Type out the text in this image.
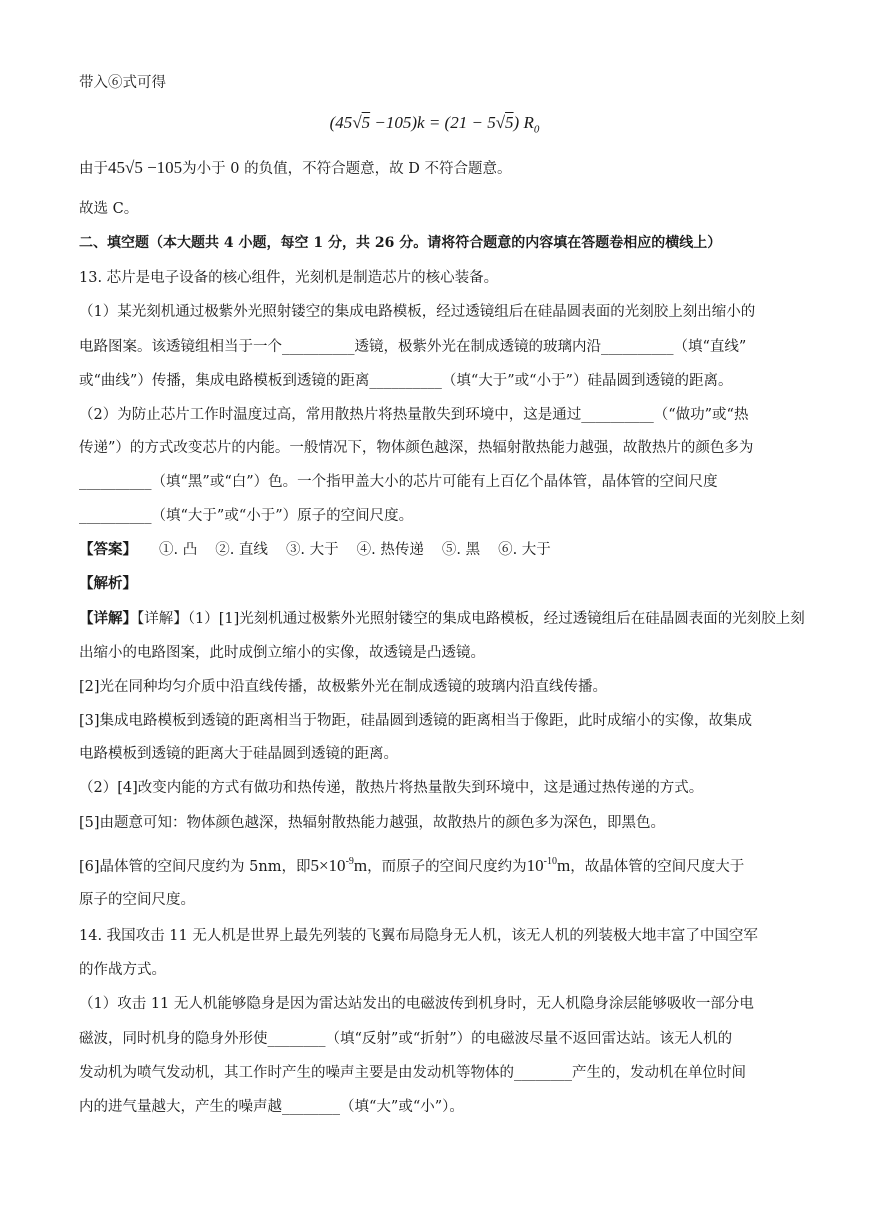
带入⑥式可得
(45√5 −105)k = (21 − 5√5) $R_0$
由于45√5 −105为小于 0 的负值，不符合题意，故 D 不符合题意。
故选 C。
二、填空题（本大题共 4 小题，每空 1 分，共 26 分。请将符合题意的内容填在答题卷相应的横线上）
13. 芯片是电子设备的核心组件，光刻机是制造芯片的核心装备。
（1）某光刻机通过极紫外光照射镂空的集成电路模板，经过透镜组后在硅晶圆表面的光刻胶上刻出缩小的
电路图案。该透镜组相当于一个__________透镜，极紫外光在制成透镜的玻璃内沿__________（填“直线”
或“曲线”）传播，集成电路模板到透镜的距离__________（填“大于”或“小于”）硅晶圆到透镜的距离。
（2）为防止芯片工作时温度过高，常用散热片将热量散失到环境中，这是通过__________（“做功”或“热
传递”）的方式改变芯片的内能。一般情况下，物体颜色越深，热辐射散热能力越强，故散热片的颜色多为
__________（填“黑”或“白”）色。一个指甲盖大小的芯片可能有上百亿个晶体管，晶体管的空间尺度
__________（填“大于”或“小于”）原子的空间尺度。
【答案】 ①. 凸 ②. 直线 ③. 大于 ④. 热传递 ⑤. 黑 ⑥. 大于
【解析】
【详解】【详解】（1）[1]光刻机通过极紫外光照射镂空的集成电路模板，经过透镜组后在硅晶圆表面的光刻胶上刻
出缩小的电路图案，此时成倒立缩小的实像，故透镜是凸透镜。
[2]光在同种均匀介质中沿直线传播，故极紫外光在制成透镜的玻璃内沿直线传播。
[3]集成电路模板到透镜的距离相当于物距，硅晶圆到透镜的距离相当于像距，此时成缩小的实像，故集成
电路模板到透镜的距离大于硅晶圆到透镜的距离。
（2）[4]改变内能的方式有做功和热传递，散热片将热量散失到环境中，这是通过热传递的方式。
[5]由题意可知：物体颜色越深，热辐射散热能力越强，故散热片的颜色多为深色，即黑色。
[6]晶体管的空间尺度约为 5nm，即$5\times 10^{-9}m$，而原子的空间尺度约为$10^{-10}m$，故晶体管的空间尺度大于
原子的空间尺度。
14. 我国攻击 11 无人机是世界上最先列装的飞翼布局隐身无人机，该无人机的列装极大地丰富了中国空军
的作战方式。
（1）攻击 11 无人机能够隐身是因为雷达站发出的电磁波传到机身时，无人机隐身涂层能够吸收一部分电
磁波，同时机身的隐身外形使________（填“反射”或“折射”）的电磁波尽量不返回雷达站。该无人机的
发动机为喷气发动机，其工作时产生的噪声主要是由发动机等物体的________产生的，发动机在单位时间
内的进气量越大，产生的噪声越________（填“大”或“小”）。
